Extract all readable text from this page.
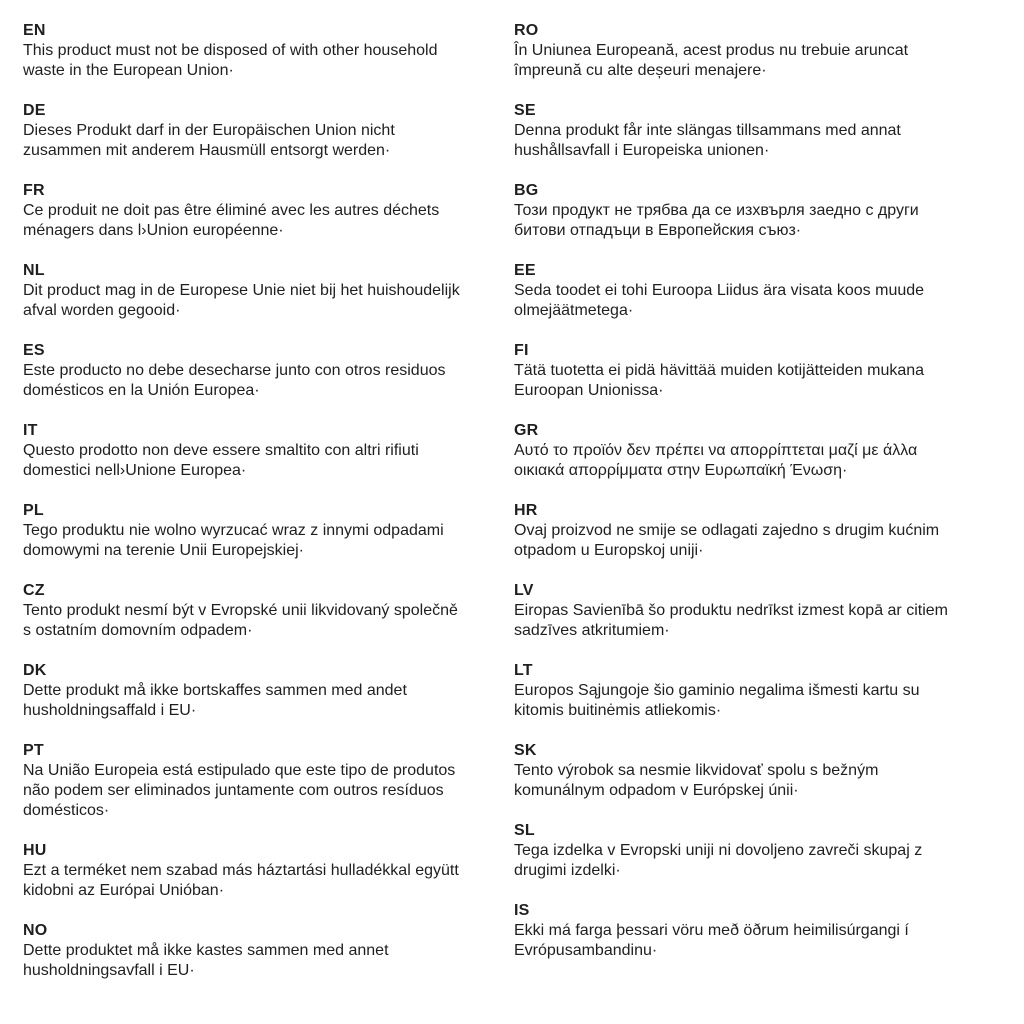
EN
This product must not be disposed of with other household
waste in the European Union·
DE
Dieses Produkt darf in der Europäischen Union nicht
zusammen mit anderem Hausmüll entsorgt werden·
FR
Ce produit ne doit pas être éliminé avec les autres déchets
ménagers dans l›Union européenne·
NL
Dit product mag in de Europese Unie niet bij het huishoudelijk
afval worden gegooid·
ES
Este producto no debe desecharse junto con otros residuos
domésticos en la Unión Europea·
IT
Questo prodotto non deve essere smaltito con altri rifiuti
domestici nell›Unione Europea·
PL
Tego produktu nie wolno wyrzucać wraz z innymi odpadami
domowymi na terenie Unii Europejskiej·
CZ
Tento produkt nesmí být v Evropské unii likvidovaný společně
s ostatním domovním odpadem·
DK
Dette produkt må ikke bortskaffes sammen med andet
husholdningsaffald i EU·
PT
Na União Europeia está estipulado que este tipo de produtos
não podem ser eliminados juntamente com outros resíduos
domésticos·
HU
Ezt a terméket nem szabad más háztartási hulladékkal együtt
kidobni az Európai Unióban·
NO
Dette produktet må ikke kastes sammen med annet
husholdningsavfall i EU·
RO
În Uniunea Europeană, acest produs nu trebuie aruncat
împreună cu alte deșeuri menajere·
SE
Denna produkt får inte slängas tillsammans med annat
hushållsavfall i Europeiska unionen·
BG
Този продукт не трябва да се изхвърля заедно с други
битови отпадъци в Европейския съюз·
EE
Seda toodet ei tohi Euroopa Liidus ära visata koos muude
olmejäätmetega·
FI
Tätä tuotetta ei pidä hävittää muiden kotijätteiden mukana
Euroopan Unionissa·
GR
Αυτό το προϊόν δεν πρέπει να απορρίπτεται μαζί με άλλα
οικιακά απορρίμματα στην Ευρωπαϊκή Ένωση·
HR
Ovaj proizvod ne smije se odlagati zajedno s drugim kućnim
otpadom u Europskoj uniji·
LV
Eiropas Savienībā šo produktu nedrīkst izmest kopā ar citiem
sadzīves atkritumiem·
LT
Europos Sąjungoje šio gaminio negalima išmesti kartu su
kitomis buitinėmis atliekomis·
SK
Tento výrobok sa nesmie likvidovať spolu s bežným
komunálnym odpadom v Európskej únii·
SL
Tega izdelka v Evropski uniji ni dovoljeno zavreči skupaj z
drugimi izdelki·
IS
Ekki má farga þessari vöru með öðrum heimilisúrgangi í
Evrópusambandinu·
